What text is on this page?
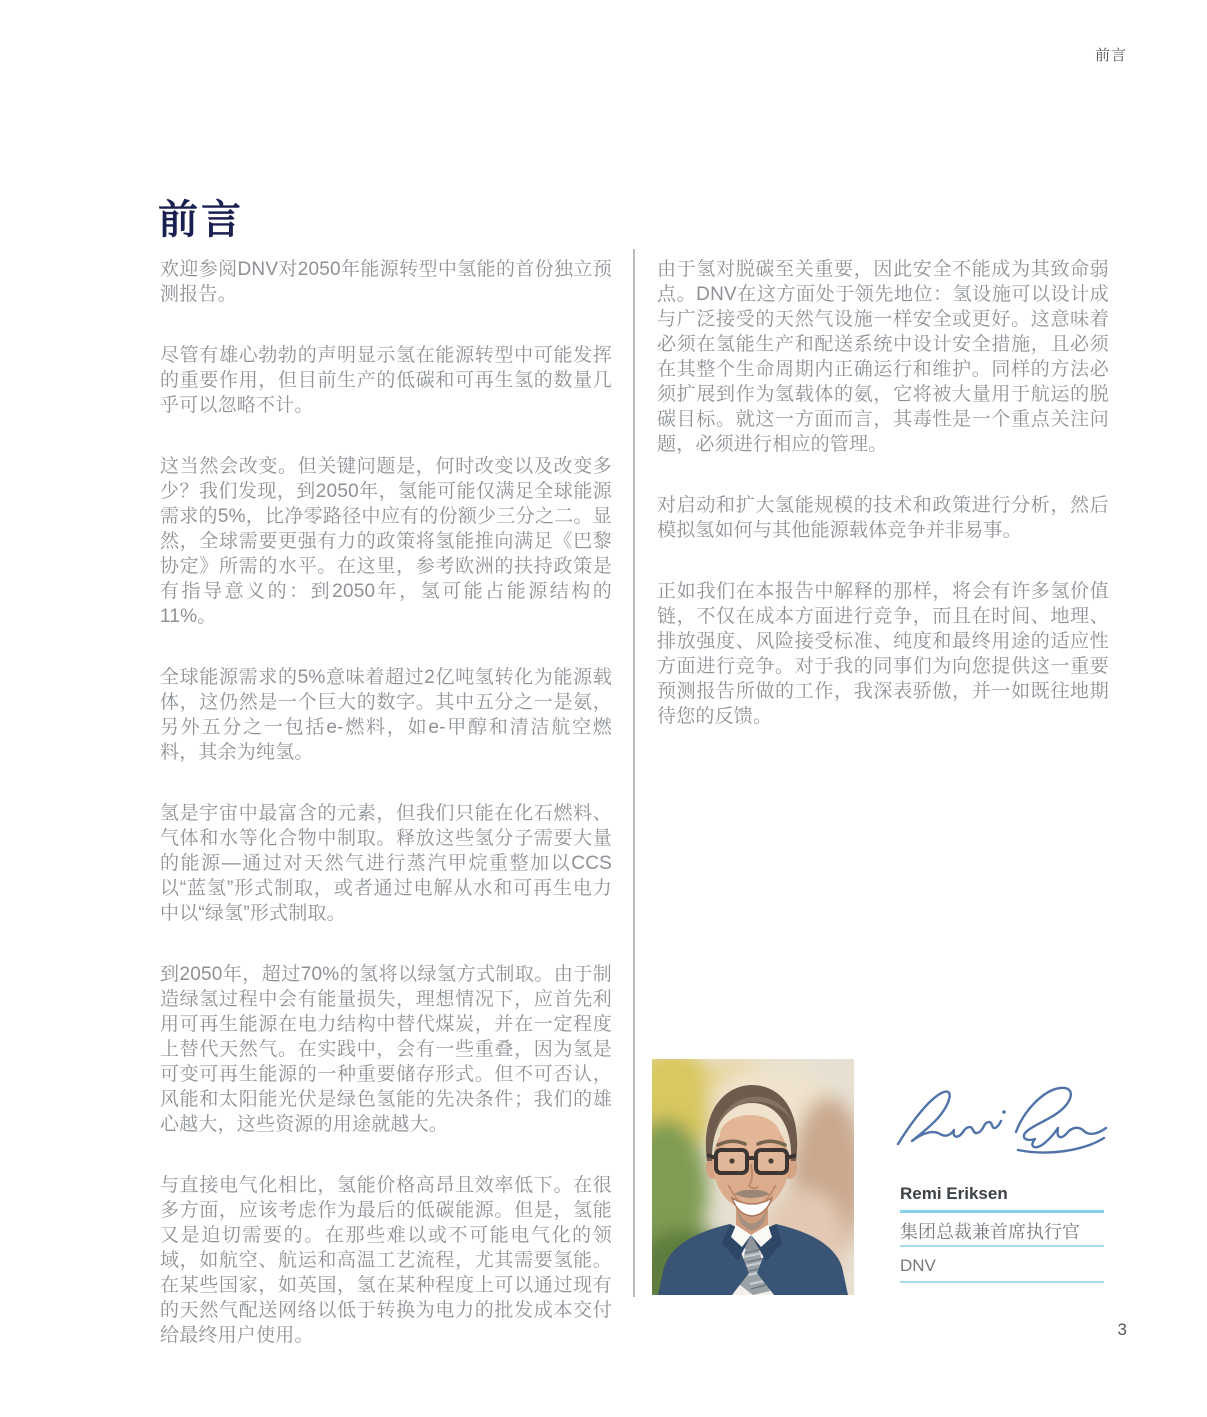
前言
前言

欢迎参阅DNV对2050年能源转型中氢能的首份独立预测报告。

尽管有雄心勃勃的声明显示氢在能源转型中可能发挥的重要作用，但目前生产的低碳和可再生氢的数量几乎可以忽略不计。

这当然会改变。但关键问题是，何时改变以及改变多少？我们发现，到2050年，氢能可能仅满足全球能源需求的5%，比净零路径中应有的份额少三分之二。显然，全球需要更强有力的政策将氢能推向满足《巴黎协定》所需的水平。在这里，参考欧洲的扶持政策是有指导意义的：到2050年，氢可能占能源结构的11%。

全球能源需求的5%意味着超过2亿吨氢转化为能源载体，这仍然是一个巨大的数字。其中五分之一是氨，另外五分之一包括e-燃料，如e-甲醇和清洁航空燃料，其余为纯氢。

氢是宇宙中最富含的元素，但我们只能在化石燃料、气体和水等化合物中制取。释放这些氢分子需要大量的能源—通过对天然气进行蒸汽甲烷重整加以CCS以“蓝氢”形式制取，或者通过电解从水和可再生电力中以“绿氢”形式制取。

到2050年，超过70%的氢将以绿氢方式制取。由于制造绿氢过程中会有能量损失，理想情况下，应首先利用可再生能源在电力结构中替代煤炭，并在一定程度上替代天然气。在实践中，会有一些重叠，因为氢是可变可再生能源的一种重要储存形式。但不可否认，风能和太阳能光伏是绿色氢能的先决条件；我们的雄心越大，这些资源的用途就越大。

与直接电气化相比，氢能价格高昂且效率低下。在很多方面，应该考虑作为最后的低碳能源。但是，氢能又是迫切需要的。在那些难以或不可能电气化的领域，如航空、航运和高温工艺流程，尤其需要氢能。在某些国家，如英国，氢在某种程度上可以通过现有的天然气配送网络以低于转换为电力的批发成本交付给最终用户使用。

由于氢对脱碳至关重要，因此安全不能成为其致命弱点。DNV在这方面处于领先地位：氢设施可以设计成与广泛接受的天然气设施一样安全或更好。这意味着必须在氢能生产和配送系统中设计安全措施，且必须在其整个生命周期内正确运行和维护。同样的方法必须扩展到作为氢载体的氨，它将被大量用于航运的脱碳目标。就这一方面而言，其毒性是一个重点关注问题，必须进行相应的管理。

对启动和扩大氢能规模的技术和政策进行分析，然后模拟氢如何与其他能源载体竞争并非易事。

正如我们在本报告中解释的那样，将会有许多氢价值链，不仅在成本方面进行竞争，而且在时间、地理、排放强度、风险接受标准、纯度和最终用途的适应性方面进行竞争。对于我的同事们为向您提供这一重要预测报告所做的工作，我深表骄傲，并一如既往地期待您的反馈。

Remi Eriksen
集团总裁兼首席执行官
DNV
3
